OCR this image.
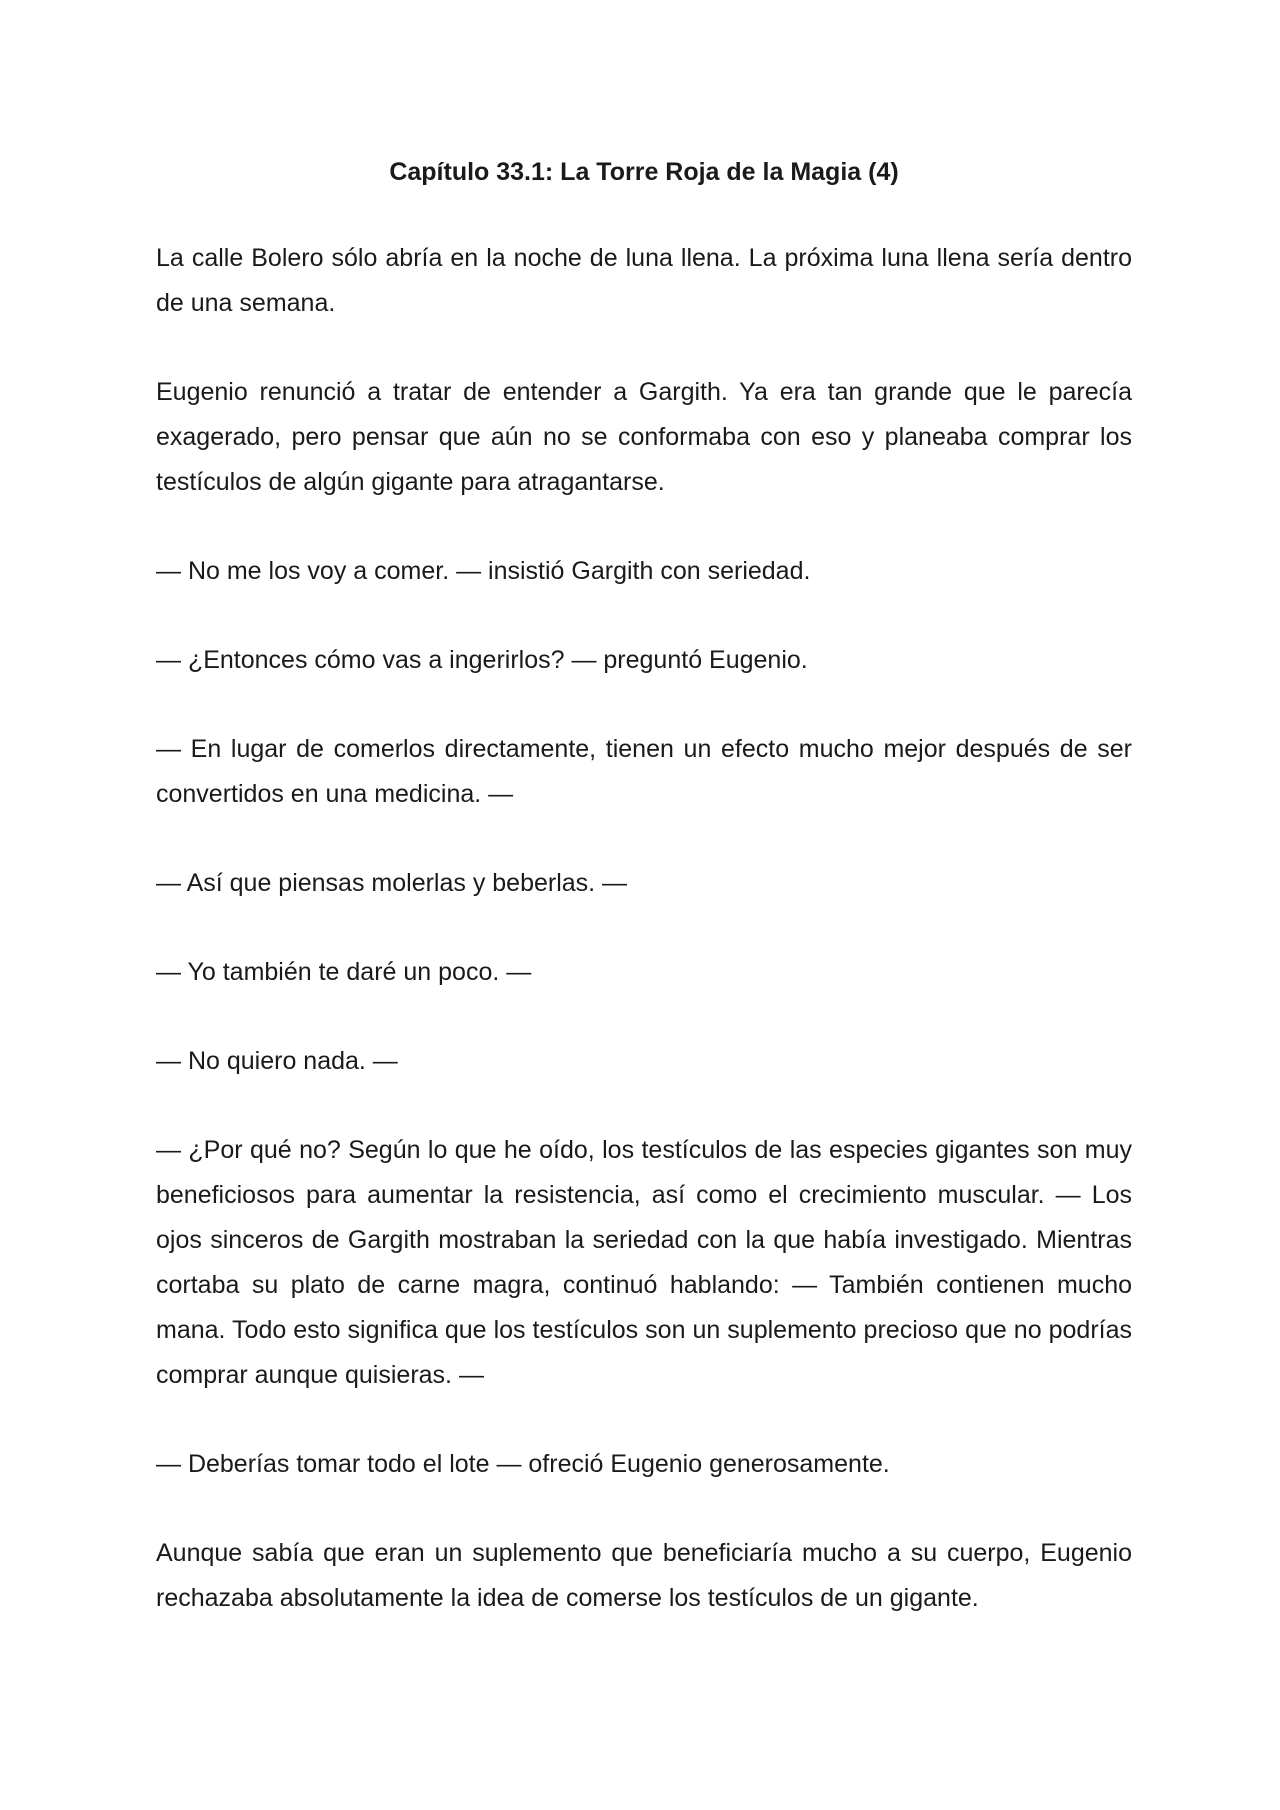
Capítulo 33.1: La Torre Roja de la Magia (4)

La calle Bolero sólo abría en la noche de luna llena. La próxima luna llena sería dentro de una semana.

Eugenio renunció a tratar de entender a Gargith. Ya era tan grande que le parecía exagerado, pero pensar que aún no se conformaba con eso y planeaba comprar los testículos de algún gigante para atragantarse.

— No me los voy a comer. — insistió Gargith con seriedad.

— ¿Entonces cómo vas a ingerirlos? — preguntó Eugenio.

— En lugar de comerlos directamente, tienen un efecto mucho mejor después de ser convertidos en una medicina. —

— Así que piensas molerlas y beberlas. —

— Yo también te daré un poco. —

— No quiero nada. —

— ¿Por qué no? Según lo que he oído, los testículos de las especies gigantes son muy beneficiosos para aumentar la resistencia, así como el crecimiento muscular. — Los ojos sinceros de Gargith mostraban la seriedad con la que había investigado. Mientras cortaba su plato de carne magra, continuó hablando: — También contienen mucho mana. Todo esto significa que los testículos son un suplemento precioso que no podrías comprar aunque quisieras. —

— Deberías tomar todo el lote — ofreció Eugenio generosamente.

Aunque sabía que eran un suplemento que beneficiaría mucho a su cuerpo, Eugenio rechazaba absolutamente la idea de comerse los testículos de un gigante.
